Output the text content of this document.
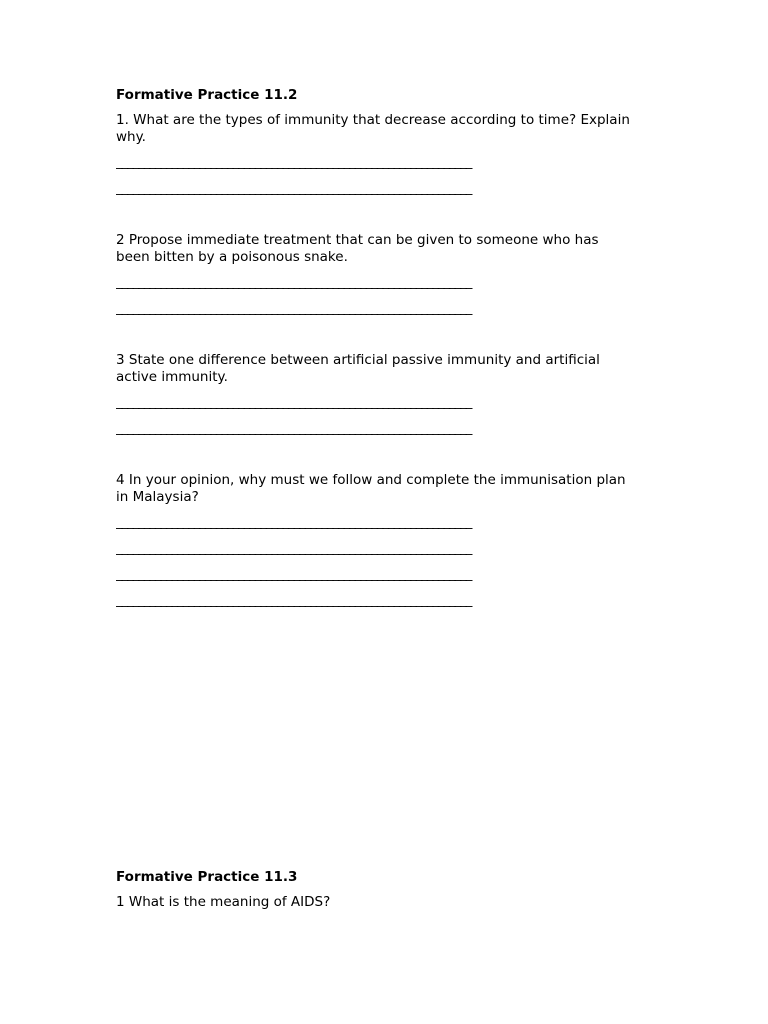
Formative Practice 11.2

1. What are the types of immunity that decrease according to time? Explain why.

________________________________________________________________
________________________________________________________________

2 Propose immediate treatment that can be given to someone who has been bitten by a poisonous snake.

________________________________________________________________
________________________________________________________________

3 State one difference between artificial passive immunity and artificial active immunity.

________________________________________________________________
________________________________________________________________

4 In your opinion, why must we follow and complete the immunisation plan in Malaysia?

________________________________________________________________
________________________________________________________________
________________________________________________________________
________________________________________________________________
Formative Practice 11.3

1 What is the meaning of AIDS?
